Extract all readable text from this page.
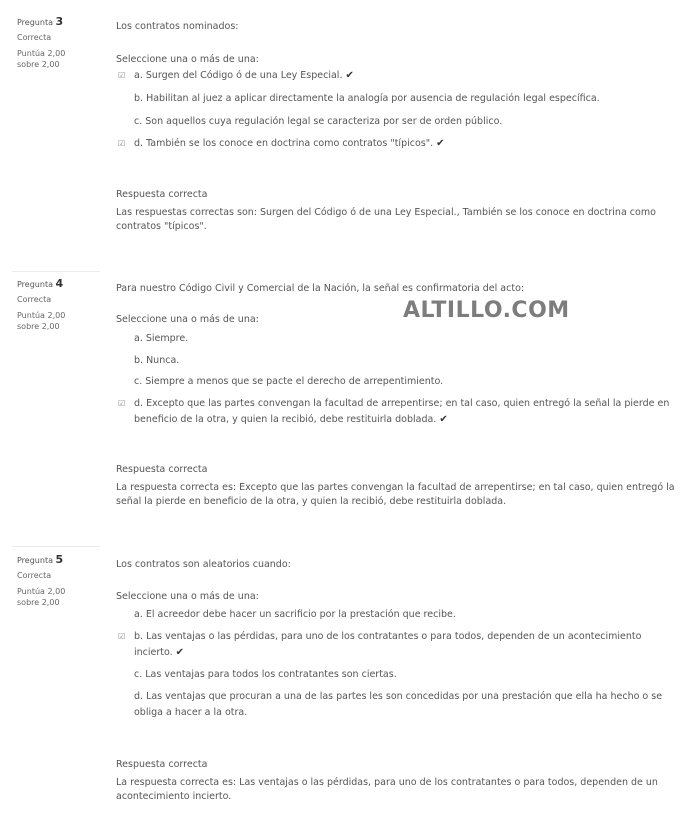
ALTILLO.COM
Pregunta 3
Correcta
Puntúa 2,00
sobre 2,00
Los contratos nominados:
Seleccione una o más de una:
☑ a. Surgen del Código ó de una Ley Especial. ✔
b. Habilitan al juez a aplicar directamente la analogía por ausencia de regulación legal específica.
c. Son aquellos cuya regulación legal se caracteriza por ser de orden público.
☑ d. También se los conoce en doctrina como contratos "típicos". ✔
Respuesta correcta
Las respuestas correctas son: Surgen del Código ó de una Ley Especial., También se los conoce en doctrina como contratos "típicos".
Pregunta 4
Correcta
Puntúa 2,00
sobre 2,00
Para nuestro Código Civil y Comercial de la Nación, la señal es confirmatoria del acto:
Seleccione una o más de una:
a. Siempre.
b. Nunca.
c. Siempre a menos que se pacte el derecho de arrepentimiento.
☑ d. Excepto que las partes convengan la facultad de arrepentirse; en tal caso, quien entregó la señal la pierde en beneficio de la otra, y quien la recibió, debe restituirla doblada. ✔
Respuesta correcta
La respuesta correcta es: Excepto que las partes convengan la facultad de arrepentirse; en tal caso, quien entregó la señal la pierde en beneficio de la otra, y quien la recibió, debe restituirla doblada.
Pregunta 5
Correcta
Puntúa 2,00
sobre 2,00
Los contratos son aleatorios cuando:
Seleccione una o más de una:
a. El acreedor debe hacer un sacrificio por la prestación que recibe.
☑ b. Las ventajas o las pérdidas, para uno de los contratantes o para todos, dependen de un acontecimiento incierto. ✔
c. Las ventajas para todos los contratantes son ciertas.
d. Las ventajas que procuran a una de las partes les son concedidas por una prestación que ella ha hecho o se obliga a hacer a la otra.
Respuesta correcta
La respuesta correcta es: Las ventajas o las pérdidas, para uno de los contratantes o para todos, dependen de un acontecimiento incierto.
